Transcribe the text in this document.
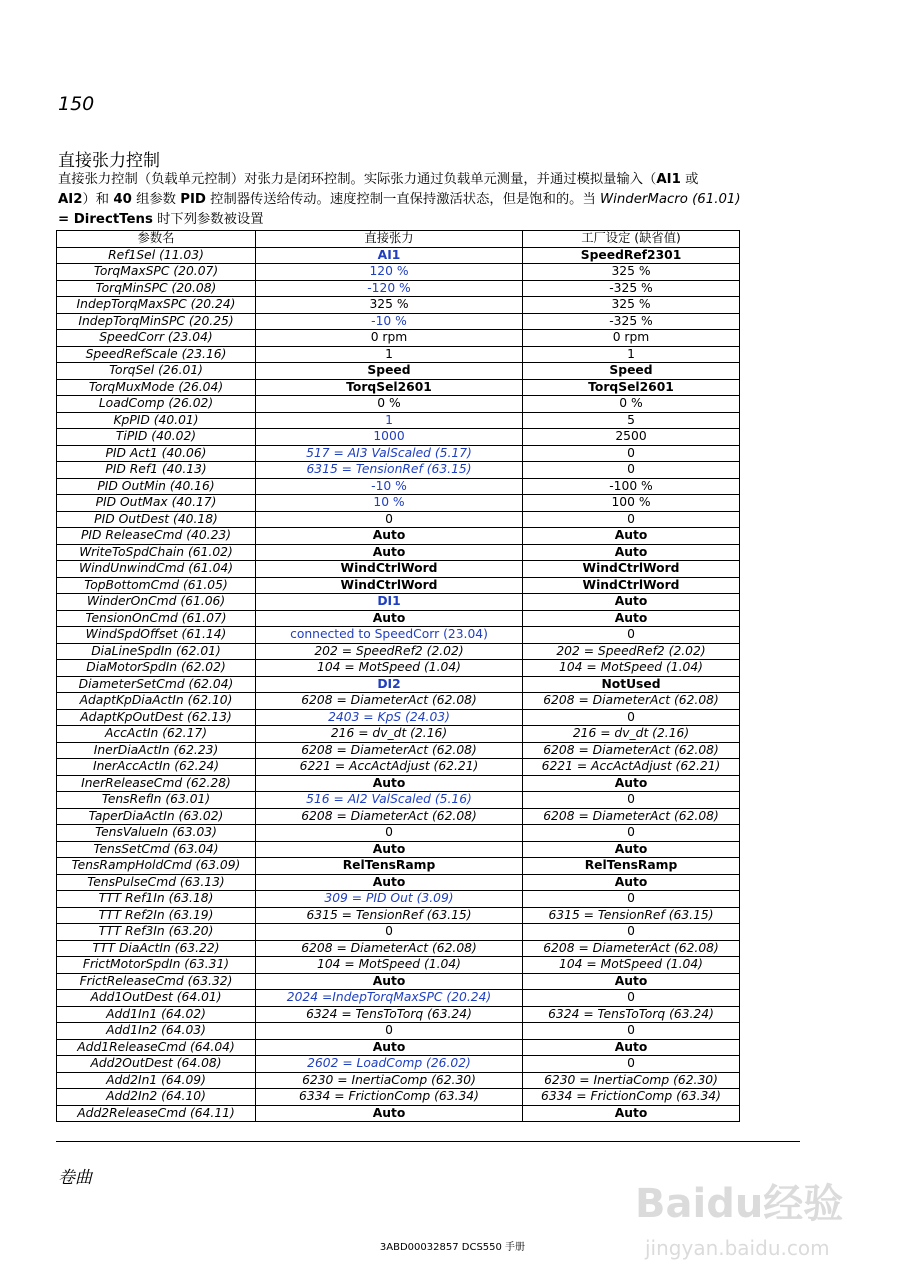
150
直接张力控制
直接张力控制（负载单元控制）对张力是闭环控制。实际张力通过负载单元测量，并通过模拟量输入（AI1 或
AI2）和 40 组参数 PID 控制器传送给传动。速度控制一直保持激活状态，但是饱和的。当 WinderMacro (61.01)
= DirectTens 时下列参数被设置
参数名	直接张力	工厂设定 (缺省值)
Ref1Sel (11.03)	AI1	SpeedRef2301
TorqMaxSPC (20.07)	120 %	325 %
TorqMinSPC (20.08)	-120 %	-325 %
IndepTorqMaxSPC (20.24)	325 %	325 %
IndepTorqMinSPC (20.25)	-10 %	-325 %
SpeedCorr (23.04)	0 rpm	0 rpm
SpeedRefScale (23.16)	1	1
TorqSel (26.01)	Speed	Speed
TorqMuxMode (26.04)	TorqSel2601	TorqSel2601
LoadComp (26.02)	0 %	0 %
KpPID (40.01)	1	5
TiPID (40.02)	1000	2500
PID Act1 (40.06)	517 = AI3 ValScaled (5.17)	0
PID Ref1 (40.13)	6315 = TensionRef (63.15)	0
PID OutMin (40.16)	-10 %	-100 %
PID OutMax (40.17)	10 %	100 %
PID OutDest (40.18)	0	0
PID ReleaseCmd (40.23)	Auto	Auto
WriteToSpdChain (61.02)	Auto	Auto
WindUnwindCmd (61.04)	WindCtrlWord	WindCtrlWord
TopBottomCmd (61.05)	WindCtrlWord	WindCtrlWord
WinderOnCmd (61.06)	DI1	Auto
TensionOnCmd (61.07)	Auto	Auto
WindSpdOffset (61.14)	connected to SpeedCorr (23.04)	0
DiaLineSpdIn (62.01)	202 = SpeedRef2 (2.02)	202 = SpeedRef2 (2.02)
DiaMotorSpdIn (62.02)	104 = MotSpeed (1.04)	104 = MotSpeed (1.04)
DiameterSetCmd (62.04)	DI2	NotUsed
AdaptKpDiaActIn (62.10)	6208 = DiameterAct (62.08)	6208 = DiameterAct (62.08)
AdaptKpOutDest (62.13)	2403 = KpS (24.03)	0
AccActIn (62.17)	216 = dv_dt (2.16)	216 = dv_dt (2.16)
InerDiaActIn (62.23)	6208 = DiameterAct (62.08)	6208 = DiameterAct (62.08)
InerAccActIn (62.24)	6221 = AccActAdjust (62.21)	6221 = AccActAdjust (62.21)
InerReleaseCmd (62.28)	Auto	Auto
TensRefIn (63.01)	516 = AI2 ValScaled (5.16)	0
TaperDiaActIn (63.02)	6208 = DiameterAct (62.08)	6208 = DiameterAct (62.08)
TensValueIn (63.03)	0	0
TensSetCmd (63.04)	Auto	Auto
TensRampHoldCmd (63.09)	RelTensRamp	RelTensRamp
TensPulseCmd (63.13)	Auto	Auto
TTT Ref1In (63.18)	309 = PID Out (3.09)	0
TTT Ref2In (63.19)	6315 = TensionRef (63.15)	6315 = TensionRef (63.15)
TTT Ref3In (63.20)	0	0
TTT DiaActIn (63.22)	6208 = DiameterAct (62.08)	6208 = DiameterAct (62.08)
FrictMotorSpdIn (63.31)	104 = MotSpeed (1.04)	104 = MotSpeed (1.04)
FrictReleaseCmd (63.32)	Auto	Auto
Add1OutDest (64.01)	2024 =IndepTorqMaxSPC (20.24)	0
Add1In1 (64.02)	6324 = TensToTorq (63.24)	6324 = TensToTorq (63.24)
Add1In2 (64.03)	0	0
Add1ReleaseCmd (64.04)	Auto	Auto
Add2OutDest (64.08)	2602 = LoadComp (26.02)	0
Add2In1 (64.09)	6230 = InertiaComp (62.30)	6230 = InertiaComp (62.30)
Add2In2 (64.10)	6334 = FrictionComp (63.34)	6334 = FrictionComp (63.34)
Add2ReleaseCmd (64.11)	Auto	Auto
卷曲
3ABD00032857 DCS550 手册
Baidu经验
jingyan.baidu.com
